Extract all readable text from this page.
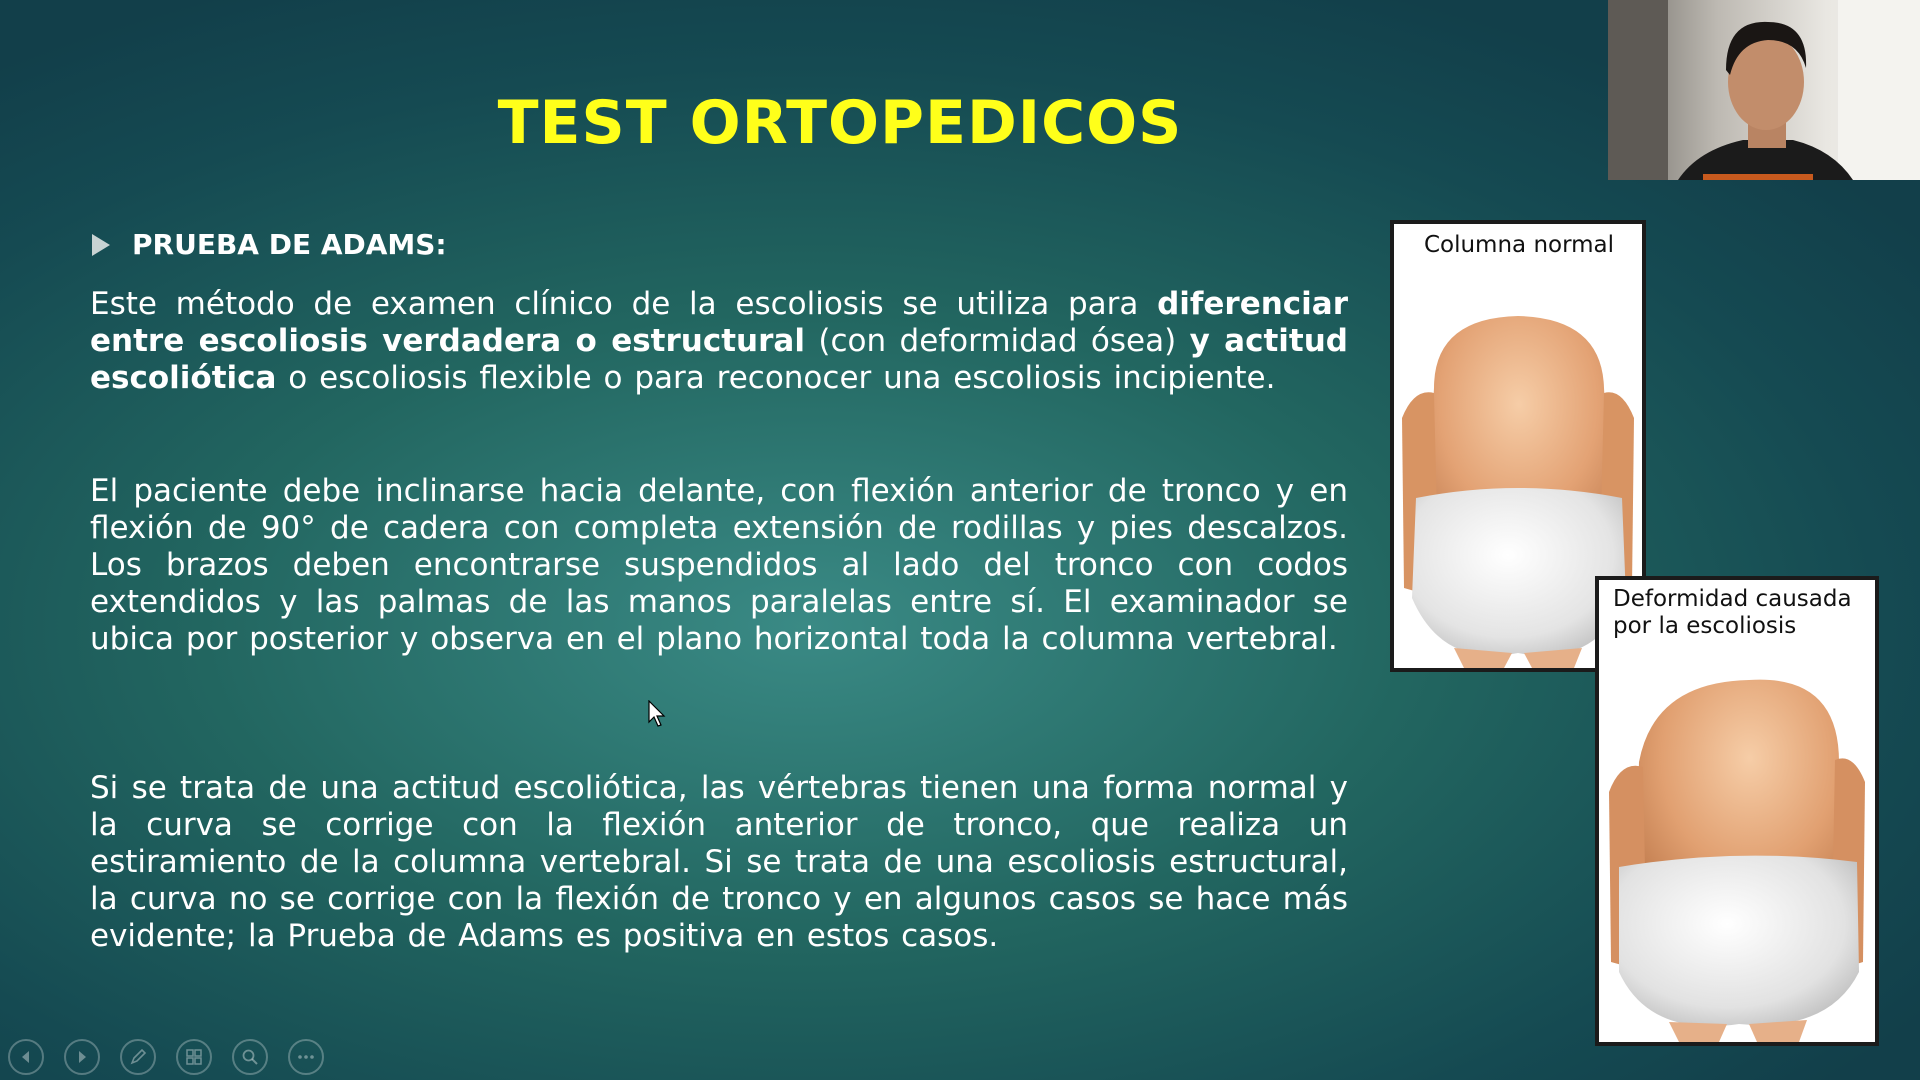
TEST ORTOPEDICOS
PRUEBA DE ADAMS:
Este método de examen clínico de la escoliosis se utiliza para diferenciar entre escoliosis verdadera o estructural (con deformidad ósea) y actitud escoliótica o escoliosis flexible o para reconocer una escoliosis incipiente.
El paciente debe inclinarse hacia delante, con flexión anterior de tronco y en flexión de 90° de cadera con completa extensión de rodillas y pies descalzos. Los brazos deben encontrarse suspendidos al lado del tronco con codos extendidos y las palmas de las manos paralelas entre sí. El examinador se ubica por posterior y observa en el plano horizontal toda la columna vertebral.
Si se trata de una actitud escoliótica, las vértebras tienen una forma normal y la curva se corrige con la flexión anterior de tronco, que realiza un estiramiento de la columna vertebral. Si se trata de una escoliosis estructural, la curva no se corrige con la flexión de tronco y en algunos casos se hace más evidente; la Prueba de Adams es positiva en estos casos.
Columna normal
Deformidad causada por la escoliosis
